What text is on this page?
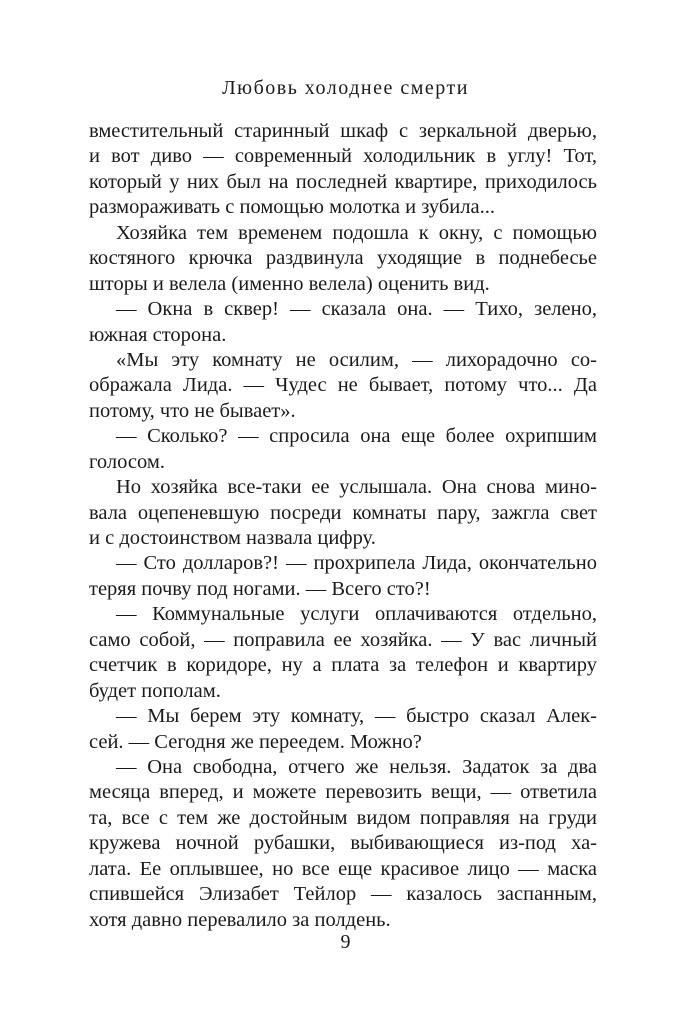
Любовь холоднее смерти
вместительный старинный шкаф с зеркальной дверью,
и вот диво — современный холодильник в углу! Тот,
который у них был на последней квартире, приходилось
размораживать с помощью молотка и зубила...
Хозяйка тем временем подошла к окну, с помощью
костяного крючка раздвинула уходящие в поднебесье
шторы и велела (именно велела) оценить вид.
— Окна в сквер! — сказала она. — Тихо, зелено,
южная сторона.
«Мы эту комнату не осилим, — лихорадочно со-
ображала Лида. — Чудес не бывает, потому что... Да
потому, что не бывает».
— Сколько? — спросила она еще более охрипшим
голосом.
Но хозяйка все-таки ее услышала. Она снова мино-
вала оцепеневшую посреди комнаты пару, зажгла свет
и с достоинством назвала цифру.
— Сто долларов?! — прохрипела Лида, окончательно
теряя почву под ногами. — Всего сто?!
— Коммунальные услуги оплачиваются отдельно,
само собой, — поправила ее хозяйка. — У вас личный
счетчик в коридоре, ну а плата за телефон и квартиру
будет пополам.
— Мы берем эту комнату, — быстро сказал Алек-
сей. — Сегодня же переедем. Можно?
— Она свободна, отчего же нельзя. Задаток за два
месяца вперед, и можете перевозить вещи, — ответила
та, все с тем же достойным видом поправляя на груди
кружева ночной рубашки, выбивающиеся из-под ха-
лата. Ее оплывшее, но все еще красивое лицо — маска
спившейся Элизабет Тейлор — казалось заспанным,
хотя давно перевалило за полдень.
9
